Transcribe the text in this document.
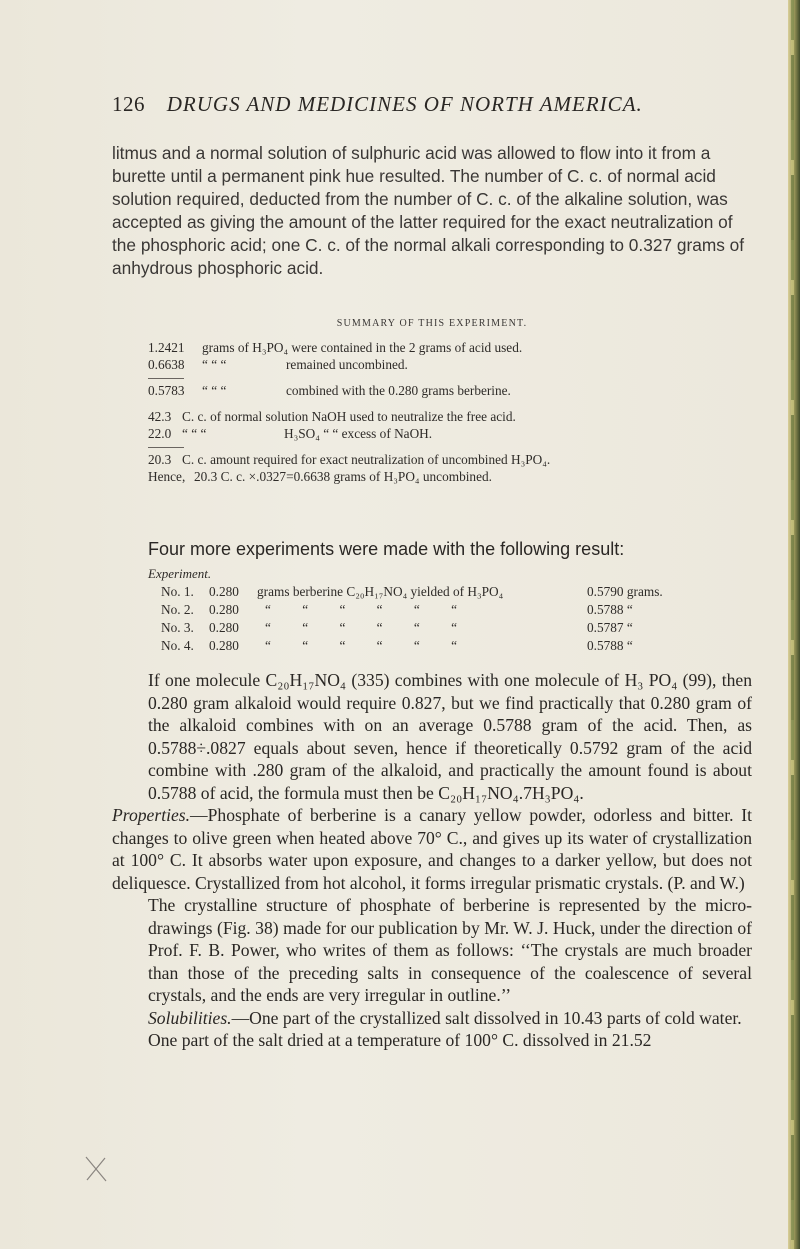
126 DRUGS AND MEDICINES OF NORTH AMERICA.
litmus and a normal solution of sulphuric acid was allowed to flow into it from a burette until a permanent pink hue resulted. The number of C. c. of normal acid solution required, deducted from the number of C. c. of the alkaline solution, was accepted as giving the amount of the latter required for the exact neutralization of the phosphoric acid; one C. c. of the normal alkali corresponding to 0.327 grams of anhydrous phosphoric acid.
SUMMARY OF THIS EXPERIMENT.
1.2421 grams of H₃PO₄ were contained in the 2 grams of acid used.
0.6638 “ “ “	remained uncombined.
0.5783 “ “ “	combined with the 0.280 grams berberine.
42.3 C. c. of normal solution NaOH used to neutralize the free acid.
22.0 “ “ “	H₃SO₄ “ “ excess of NaOH.
20.3 C. c. amount required for exact neutralization of uncombined H₃PO₄.
Hence, 20.3 C. c. ×.0327=0.6638 grams of H₃PO₄ uncombined.
Four more experiments were made with the following result:
Experiment.
No. 1. 0.280 grams berberine C₂₀H₁₇NO₄ yielded of H₃PO₄	0.5790 grams.
No. 2. 0.280 “ “ “ “ “ “	0.5788 “
No. 3. 0.280 “ “ “ “ “ “	0.5787 “
No. 4. 0.280 “ “ “ “ “ “	0.5788 “
If one molecule C₂₀H₁₇NO₄ (335) combines with one molecule of H₃ PO₄ (99), then 0.280 gram alkaloid would require 0.827, but we find practically that 0.280 gram of the alkaloid combines with on an average 0.5788 gram of the acid. Then, as 0.5788÷.0827 equals about seven, hence if theoretically 0.5792 gram of the acid combine with .280 gram of the alkaloid, and practically the amount found is about 0.5788 of acid, the formula must then be C₂₀H₁₇NO₄.7H₃PO₄.
Properties.—Phosphate of berberine is a canary yellow powder, odorless and bitter. It changes to olive green when heated above 70° C., and gives up its water of crystallization at 100° C. It absorbs water upon exposure, and changes to a darker yellow, but does not deliquesce. Crystallized from hot alcohol, it forms irregular prismatic crystals. (P. and W.)
The crystalline structure of phosphate of berberine is represented by the micro-drawings (Fig. 38) made for our publication by Mr. W. J. Huck, under the direction of Prof. F. B. Power, who writes of them as follows: ‘‘The crystals are much broader than those of the preceding salts in consequence of the coalescence of several crystals, and the ends are very irregular in outline.’’
Solubilities.—One part of the crystallized salt dissolved in 10.43 parts of cold water.
One part of the salt dried at a temperature of 100° C. dissolved in 21.52
